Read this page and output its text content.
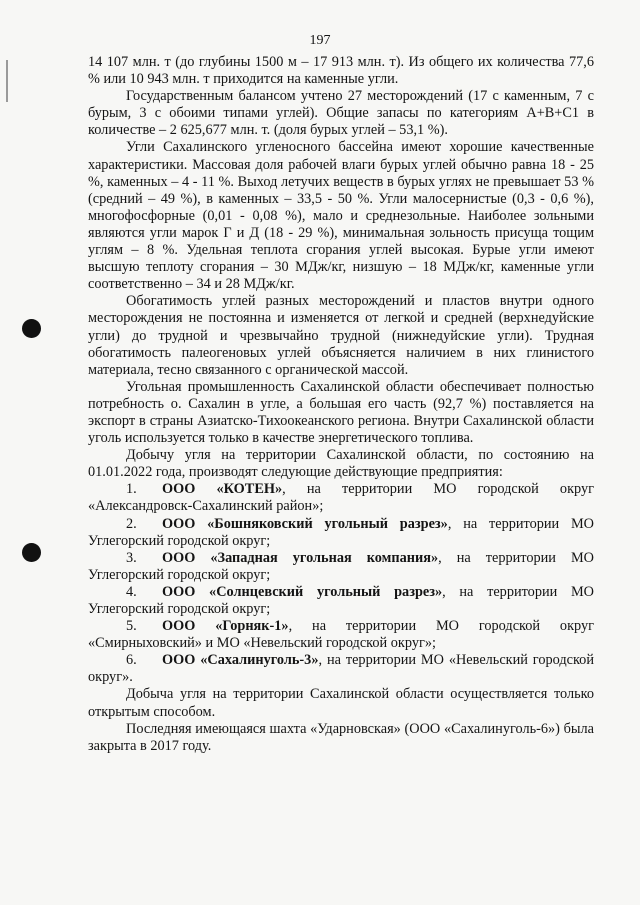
197

14 107 млн. т (до глубины 1500 м – 17 913 млн. т). Из общего их количества 77,6 % или 10 943 млн. т приходится на каменные угли.

Государственным балансом учтено 27 месторождений (17 с каменным, 7 с бурым, 3 с обоими типами углей). Общие запасы по категориям А+В+С1 в количестве – 2 625,677 млн. т. (доля бурых углей – 53,1 %).

Угли Сахалинского угленосного бассейна имеют хорошие качественные характеристики. Массовая доля рабочей влаги бурых углей обычно равна 18 - 25 %, каменных – 4 - 11 %. Выход летучих веществ в бурых углях не превышает 53 % (средний – 49 %), в каменных – 33,5 - 50 %. Угли малосернистые (0,3 - 0,6 %), многофосфорные (0,01 - 0,08 %), мало и среднезольные. Наиболее зольными являются угли марок Г и Д (18 - 29 %), минимальная зольность присуща тощим углям – 8 %. Удельная теплота сгорания углей высокая. Бурые угли имеют высшую теплоту сгорания – 30 МДж/кг, низшую – 18 МДж/кг, каменные угли соответственно – 34 и 28 МДж/кг.

Обогатимость углей разных месторождений и пластов внутри одного месторождения не постоянна и изменяется от легкой и средней (верхнедуйские угли) до трудной и чрезвычайно трудной (нижнедуйские угли). Трудная обогатимость палеогеновых углей объясняется наличием в них глинистого материала, тесно связанного с органической массой.

Угольная промышленность Сахалинской области обеспечивает полностью потребность о. Сахалин в угле, а большая его часть (92,7 %) поставляется на экспорт в страны Азиатско-Тихоокеанского региона. Внутри Сахалинской области уголь используется только в качестве энергетического топлива.

Добычу угля на территории Сахалинской области, по состоянию на 01.01.2022 года, производят следующие действующие предприятия:

1. ООО «КОТЕН», на территории МО городской округ «Александровск-Сахалинский район»;

2. ООО «Бошняковский угольный разрез», на территории МО Углегорский городской округ;

3. ООО «Западная угольная компания», на территории МО Углегорский городской округ;

4. ООО «Солнцевский угольный разрез», на территории МО Углегорский городской округ;

5. ООО «Горняк-1», на территории МО городской округ «Смирныховский» и МО «Невельский городской округ»;

6. ООО «Сахалинуголь-3», на территории МО «Невельский городской округ».

Добыча угля на территории Сахалинской области осуществляется только открытым способом.

Последняя имеющаяся шахта «Ударновская» (ООО «Сахалинуголь-6») была закрыта в 2017 году.
